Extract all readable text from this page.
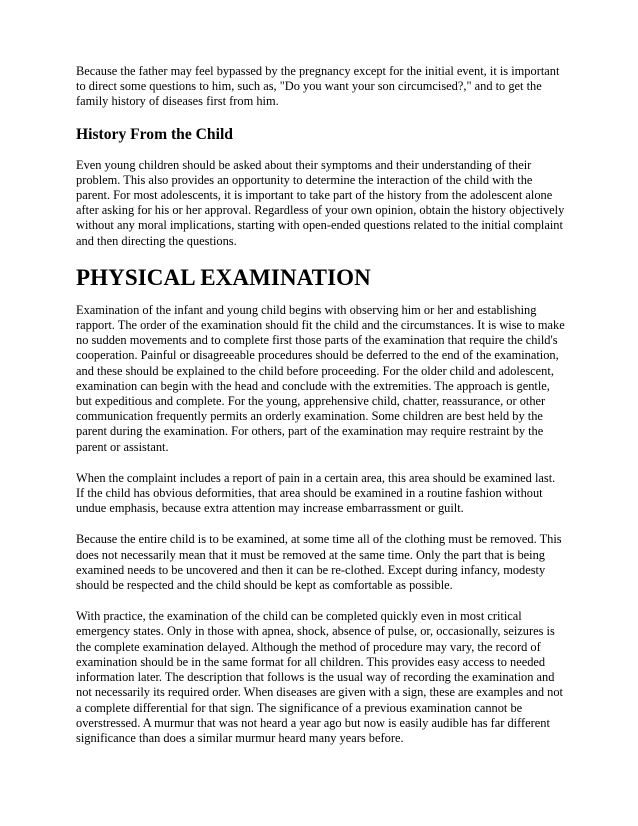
Because the father may feel bypassed by the pregnancy except for the initial event, it is important to direct some questions to him, such as, "Do you want your son circumcised?," and to get the family history of diseases first from him.

History From the Child

Even young children should be asked about their symptoms and their understanding of their problem. This also provides an opportunity to determine the interaction of the child with the parent. For most adolescents, it is important to take part of the history from the adolescent alone after asking for his or her approval. Regardless of your own opinion, obtain the history objectively without any moral implications, starting with open-ended questions related to the initial complaint and then directing the questions.

PHYSICAL EXAMINATION

Examination of the infant and young child begins with observing him or her and establishing rapport. The order of the examination should fit the child and the circumstances. It is wise to make no sudden movements and to complete first those parts of the examination that require the child's cooperation. Painful or disagreeable procedures should be deferred to the end of the examination, and these should be explained to the child before proceeding. For the older child and adolescent, examination can begin with the head and conclude with the extremities. The approach is gentle, but expeditious and complete. For the young, apprehensive child, chatter, reassurance, or other communication frequently permits an orderly examination. Some children are best held by the parent during the examination. For others, part of the examination may require restraint by the parent or assistant.

When the complaint includes a report of pain in a certain area, this area should be examined last. If the child has obvious deformities, that area should be examined in a routine fashion without undue emphasis, because extra attention may increase embarrassment or guilt.

Because the entire child is to be examined, at some time all of the clothing must be removed. This does not necessarily mean that it must be removed at the same time. Only the part that is being examined needs to be uncovered and then it can be re-clothed. Except during infancy, modesty should be respected and the child should be kept as comfortable as possible.

With practice, the examination of the child can be completed quickly even in most critical emergency states. Only in those with apnea, shock, absence of pulse, or, occasionally, seizures is the complete examination delayed. Although the method of procedure may vary, the record of examination should be in the same format for all children. This provides easy access to needed information later. The description that follows is the usual way of recording the examination and not necessarily its required order. When diseases are given with a sign, these are examples and not a complete differential for that sign. The significance of a previous examination cannot be overstressed. A murmur that was not heard a year ago but now is easily audible has far different significance than does a similar murmur heard many years before.
